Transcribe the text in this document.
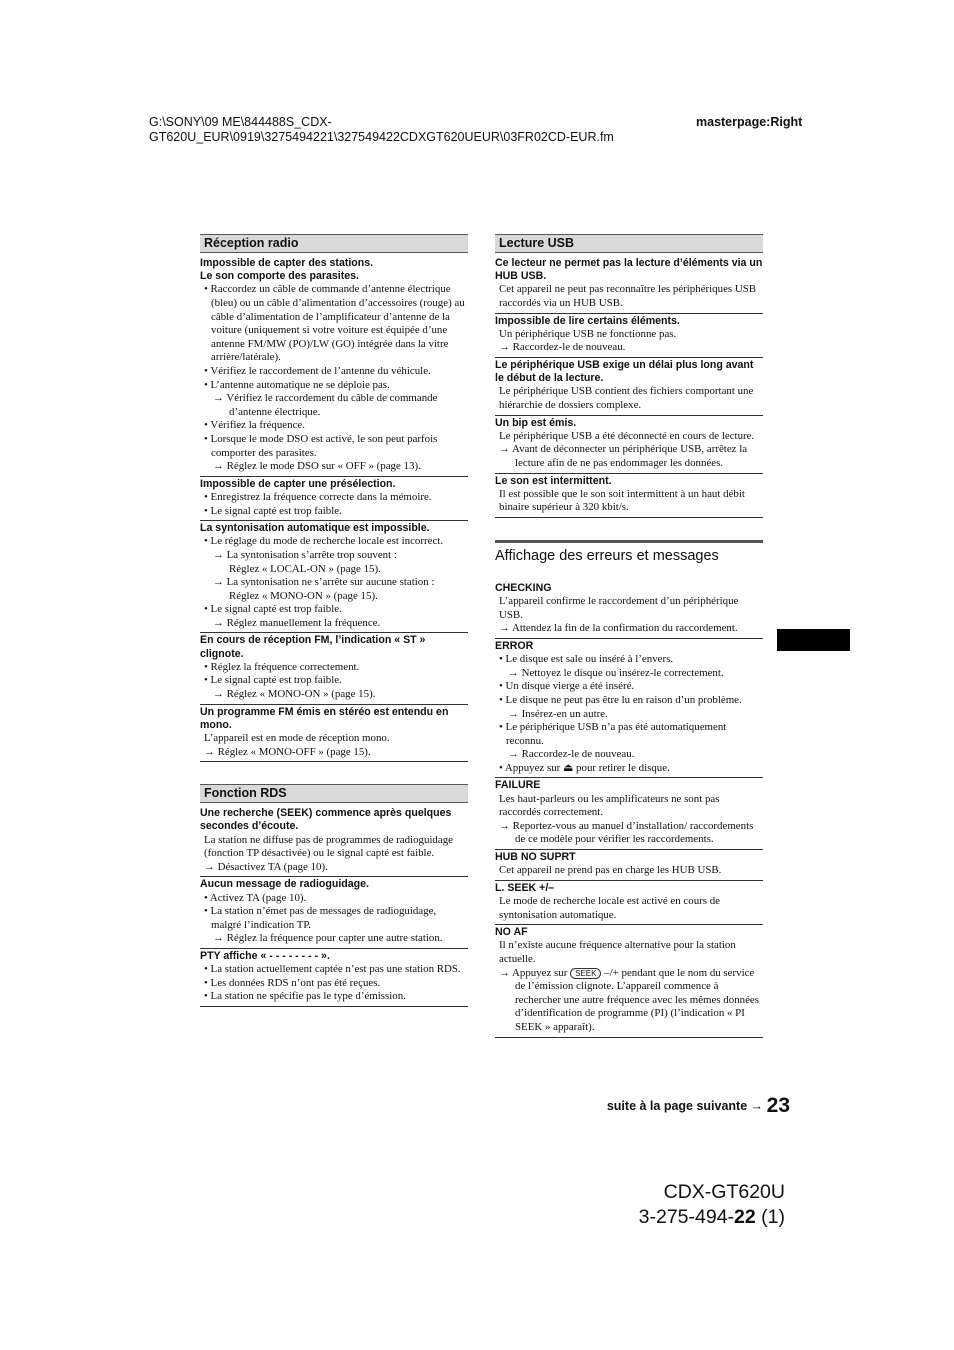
G:\SONY\09 ME\844488S_CDX-
GT620U_EUR\0919\3275494221\327549422CDXGT620UEUR\03FR02CD-EUR.fm
masterpage:Right
Réception radio
Impossible de capter des stations.
Le son comporte des parasites.
• Raccordez un câble de commande d’antenne électrique (bleu) ou un câble d’alimentation d’accessoires (rouge) au câble d’alimentation de l’amplificateur d’antenne de la voiture (uniquement si votre voiture est équipée d’une antenne FM/MW (PO)/LW (GO) intégrée dans la vitre arrière/latérale).
• Vérifiez le raccordement de l’antenne du véhicule.
• L’antenne automatique ne se déploie pas.
→ Vérifiez le raccordement du câble de commande d’antenne électrique.
• Vérifiez la fréquence.
• Lorsque le mode DSO est activé, le son peut parfois comporter des parasites.
→ Réglez le mode DSO sur « OFF » (page 13).
Impossible de capter une présélection.
• Enregistrez la fréquence correcte dans la mémoire.
• Le signal capté est trop faible.
La syntonisation automatique est impossible.
• Le réglage du mode de recherche locale est incorrect.
→ La syntonisation s’arrête trop souvent :
Réglez « LOCAL-ON » (page 15).
→ La syntonisation ne s’arrête sur aucune station :
Réglez « MONO-ON » (page 15).
• Le signal capté est trop faible.
→ Réglez manuellement la fréquence.
En cours de réception FM, l’indication « ST » clignote.
• Réglez la fréquence correctement.
• Le signal capté est trop faible.
→ Réglez « MONO-ON » (page 15).
Un programme FM émis en stéréo est entendu en mono.
L’appareil est en mode de réception mono.
→ Réglez « MONO-OFF » (page 15).
Fonction RDS
Une recherche (SEEK) commence après quelques secondes d’écoute.
La station ne diffuse pas de programmes de radioguidage (fonction TP désactivée) ou le signal capté est faible.
→ Désactivez TA (page 10).
Aucun message de radioguidage.
• Activez TA (page 10).
• La station n’émet pas de messages de radioguidage, malgré l’indication TP.
→ Réglez la fréquence pour capter une autre station.
PTY affiche « - - - - - - - - ».
• La station actuellement captée n’est pas une station RDS.
• Les données RDS n’ont pas été reçues.
• La station ne spécifie pas le type d’émission.
Lecture USB
Ce lecteur ne permet pas la lecture d’éléments via un HUB USB.
Cet appareil ne peut pas reconnaître les périphériques USB raccordés via un HUB USB.
Impossible de lire certains éléments.
Un périphérique USB ne fonctionne pas.
→ Raccordez-le de nouveau.
Le périphérique USB exige un délai plus long avant le début de la lecture.
Le périphérique USB contient des fichiers comportant une hiérarchie de dossiers complexe.
Un bip est émis.
Le périphérique USB a été déconnecté en cours de lecture.
→ Avant de déconnecter un périphérique USB, arrêtez la lecture afin de ne pas endommager les données.
Le son est intermittent.
Il est possible que le son soit intermittent à un haut débit binaire supérieur à 320 kbit/s.
Affichage des erreurs et messages
CHECKING
L’appareil confirme le raccordement d’un périphérique USB.
→ Attendez la fin de la confirmation du raccordement.
ERROR
• Le disque est sale ou inséré à l’envers.
→ Nettoyez le disque ou insérez-le correctement.
• Un disque vierge a été inséré.
• Le disque ne peut pas être lu en raison d’un problème.
→ Insérez-en un autre.
• Le périphérique USB n’a pas été automatiquement reconnu.
→ Raccordez-le de nouveau.
• Appuyez sur ⏏ pour retirer le disque.
FAILURE
Les haut-parleurs ou les amplificateurs ne sont pas raccordés correctement.
→ Reportez-vous au manuel d’installation/ raccordements de ce modèle pour vérifier les raccordements.
HUB NO SUPRT
Cet appareil ne prend pas en charge les HUB USB.
L. SEEK +/–
Le mode de recherche locale est activé en cours de syntonisation automatique.
NO AF
Il n’existe aucune fréquence alternative pour la station actuelle.
→ Appuyez sur SEEK –/+ pendant que le nom du service de l’émission clignote. L’appareil commence à rechercher une autre fréquence avec les mêmes données d’identification de programme (PI) (l’indication « PI SEEK » apparaît).
suite à la page suivante → 23
CDX-GT620U
3-275-494-22 (1)
